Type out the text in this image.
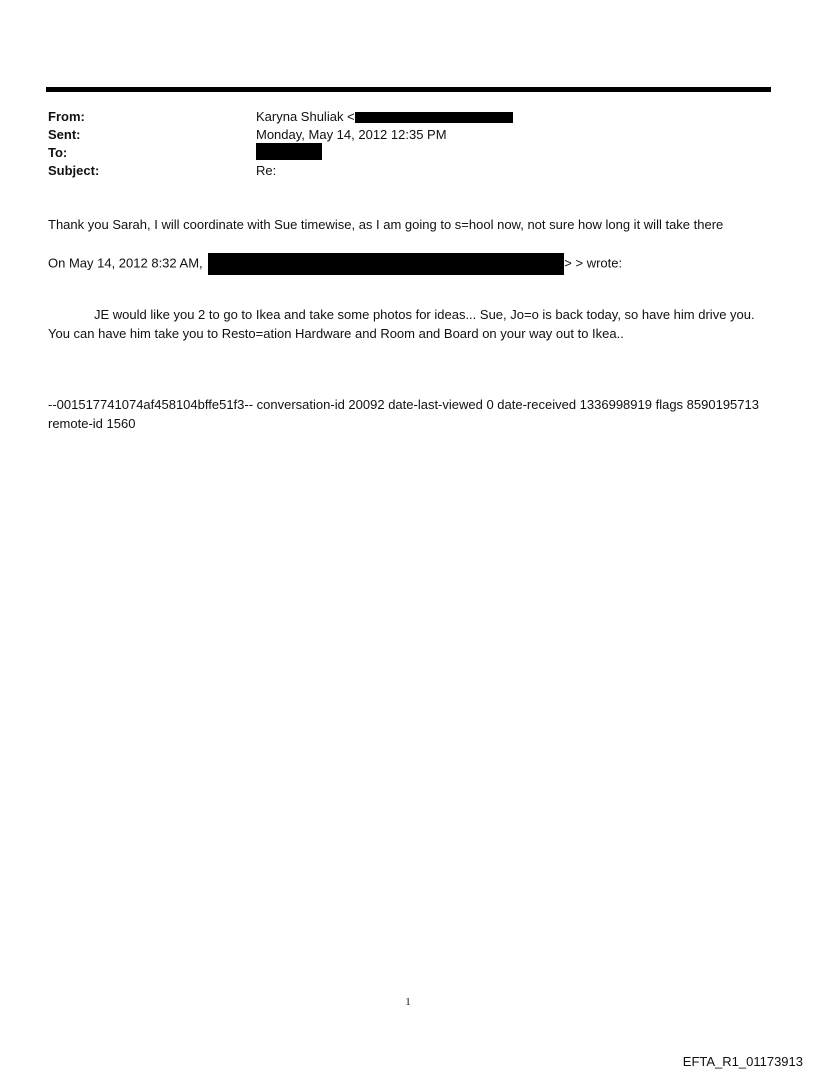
From:	Karyna Shuliak <
Sent:	Monday, May 14, 2012 12:35 PM
To:
Subject:	Re:
Thank you Sarah, I will coordinate with Sue timewise, as I am going to s=hool now, not sure how long it will take there
On May 14, 2012 8:32 AM,	> > wrote:
JE would like you 2 to go to Ikea and take some photos for ideas... Sue, Jo=o is back today, so have him drive you. You can have him take you to Resto=ation Hardware and Room and Board on your way out to Ikea..
--001517741074af458104bffe51f3-- conversation-id 20092 date-last-viewed 0 date-received 1336998919 flags 8590195713 remote-id 1560
1
EFTA_R1_01173913
